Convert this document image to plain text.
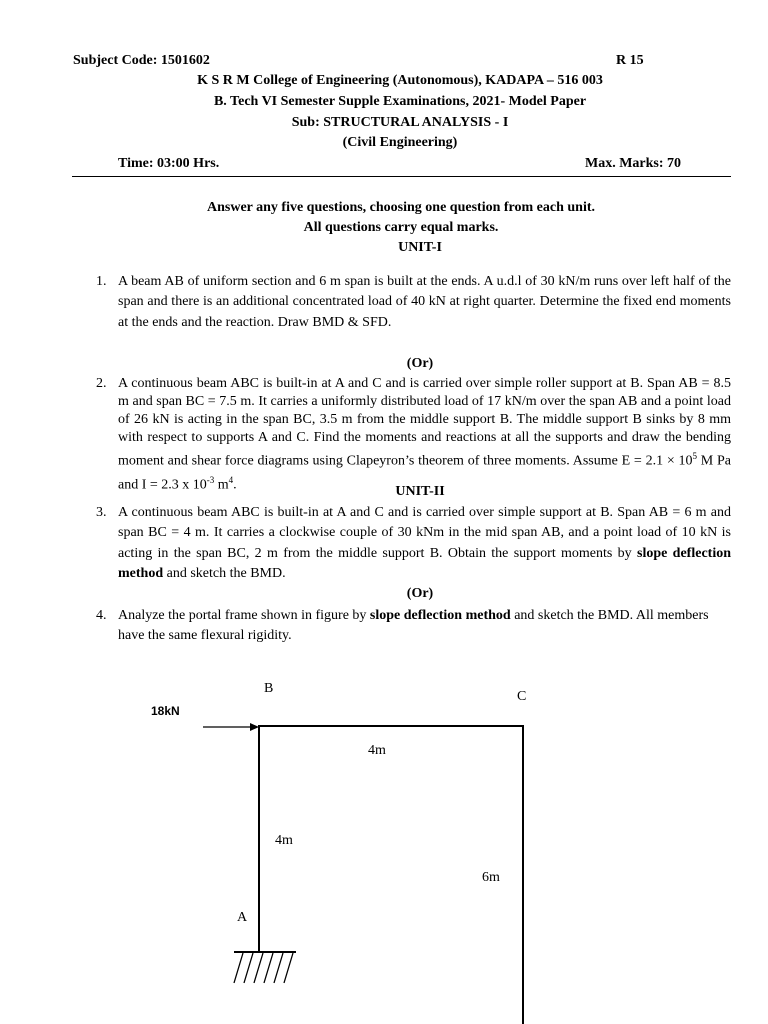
Subject Code: 1501602	R 15
K S R M College of Engineering (Autonomous), KADAPA – 516 003
B. Tech VI Semester Supple Examinations, 2021- Model Paper
Sub: STRUCTURAL ANALYSIS - I
(Civil Engineering)
Time: 03:00 Hrs.	Max. Marks: 70
Answer any five questions, choosing one question from each unit.
All questions carry equal marks.
UNIT-I
1. A beam AB of uniform section and 6 m span is built at the ends. A u.d.l of 30 kN/m runs over left half of the span and there is an additional concentrated load of 40 kN at right quarter. Determine the fixed end moments at the ends and the reaction. Draw BMD & SFD.
(Or)
2. A continuous beam ABC is built-in at A and C and is carried over simple roller support at B. Span AB = 8.5 m and span BC = 7.5 m. It carries a uniformly distributed load of 17 kN/m over the span AB and a point load of 26 kN is acting in the span BC, 3.5 m from the middle support B. The middle support B sinks by 8 mm with respect to supports A and C. Find the moments and reactions at all the supports and draw the bending moment and shear force diagrams using Clapeyron’s theorem of three moments. Assume $E = 2.1 \times 10^5$ M Pa and I = 2.3 x $10^{-3}$ $m^4$.	UNIT-II
3. A continuous beam ABC is built-in at A and C and is carried over simple support at B. Span AB = 6 m and span BC = 4 m. It carries a clockwise couple of 30 kNm in the mid span AB, and a point load of 10 kN is acting in the span BC, 2 m from the middle support B. Obtain the support moments by slope deflection method and sketch the BMD.
(Or)
4. Analyze the portal frame shown in figure by slope deflection method and sketch the BMD. All members have the same flexural rigidity.
18kN
B
C
4m
4m
6m
A
